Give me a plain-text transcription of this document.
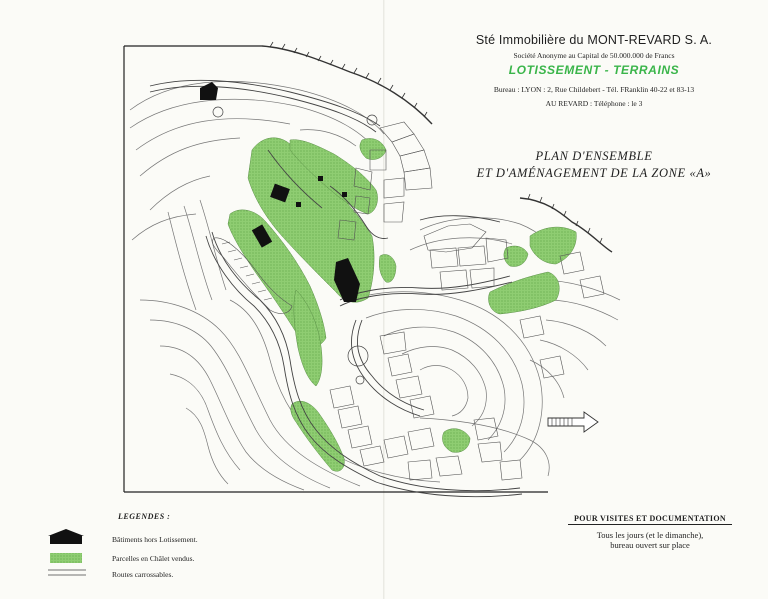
Sté Immobilière du MONT-REVARD S. A.
Société Anonyme au Capital de 50.000.000 de Francs
LOTISSEMENT - TERRAINS
Bureau : LYON : 2, Rue Childebert - Tél. FRanklin 40-22 et 83-13
AU REVARD : Téléphone : le 3
PLAN D'ENSEMBLE
ET D'AMÉNAGEMENT DE LA ZONE «A»
LEGENDES :
Bâtiments hors Lotissement.
Parcelles en Châlet vendus.
Routes carrossables.
POUR VISITES ET DOCUMENTATION
Tous les jours (et le dimanche),
bureau ouvert sur place
